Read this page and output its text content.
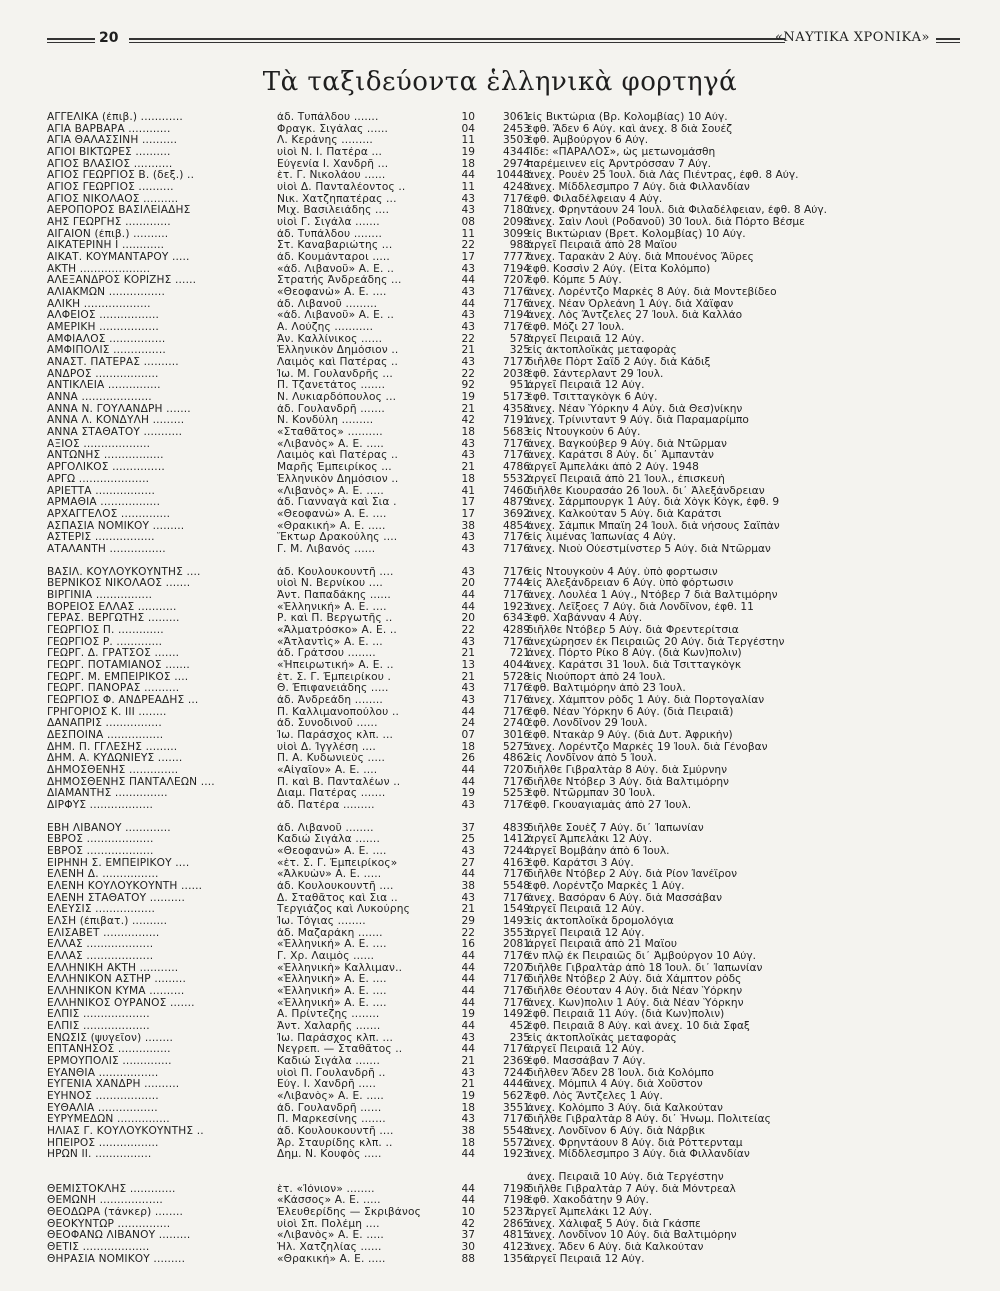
20	«ΝΑΥΤΙΚΑ ΧΡΟΝΙΚΑ»
Τὰ ταξιδεύοντα ἑλληνικὰ φορτηγά
ΑΓΓΕΛΙΚΑ (ἐπιβ.) ............	ἀδ. Τυπάλδου .......	10	3061
εἰς Βικτώρια (Βρ. Κολομβίας) 10 Αὐγ.
ΑΓΙΑ ΒΑΡΒΑΡΑ ............	Φραγκ. Σιγάλας ......	04	2453
ἐφθ. Ἄδεν 6 Αὐγ. καὶ ἀνεχ. 8 διὰ Σουέζ
ΑΓΙΑ ΘΑΛΑΣΣΙΝΗ ..........	Λ. Κεράνης .........	11	3503
ἐφθ. Ἀμβούργον 6 Αὐγ.
ΑΓΙΟΙ ΒΙΚΤΩΡΕΣ ..........	υἱοὶ Ν. Ι. Πατέρα ...	19	4344
Ἴδε: «ΠΑΡΑΛΟΣ», ὡς μετωνομάσθη
ΑΓΙΟΣ ΒΛΑΣΙΟΣ ...........	Εὐγενία Ι. Χανδρῆ ...	18	2974
παρέμεινεν εἰς Ἀρντρόσσαν 7 Αὐγ.
ΑΓΙΟΣ ΓΕΩΡΓΙΟΣ Β. (δεξ.) ..	ἑτ. Γ. Νικολάου ......	44	10448
ἀνεχ. Ρουὲν 25 Ἰουλ. διὰ Λὰς Πιέντρας, ἐφθ. 8 Αὐγ.
ΑΓΙΟΣ ΓΕΩΡΓΙΟΣ ..........	υἱοὶ Δ. Πανταλέοντος ..	11	4248
ἀνεχ. Μίδδλεσμπρο 7 Αὐγ. διὰ Φιλλανδίαν
ΑΓΙΟΣ ΝΙΚΟΛΑΟΣ ..........	Νικ. Χατζηπατέρας ...	43	7176
ἐφθ. Φιλαδέλφειαν 4 Αὐγ.
ΑΕΡΟΠΟΡΟΣ ΒΑΣΙΛΕΙΑΔΗΣ	Μιχ. Βασιλειάδης ....	43	7180
ἀνεχ. Φρηντάουν 24 Ἰουλ. διὰ Φιλαδέλφειαν, ἐφθ. 8 Αὐγ.
ΑΗΣ ΓΕΩΡΓΗΣ .............	υἱοὶ Γ. Σιγάλα .......	08	2098
ἀνεχ. Σαὶν Λουὶ (Ροδανοῦ) 30 Ἰουλ. διὰ Πόρτο Βέσμε
ΑΙΓΑΙΟΝ (ἐπιβ.) ..........	ἀδ. Τυπάλδου ........	11	3099
εἰς Βικτώριαν (Βρετ. Κολομβίας) 10 Αὐγ.
ΑΙΚΑΤΕΡΙΝΗ Ι ............	Στ. Καναβαριώτης ...	22	988
ἀργεῖ Πειραιᾶ ἀπὸ 28 Μαΐου
ΑΙΚΑΤ. ΚΟΥΜΑΝΤΑΡΟΥ .....	ἀδ. Κουμάνταροι .....	17	7777
ἀνεχ. Ταρακὰν 2 Αὐγ. διὰ Μπουένος Ἄϋρες
ΑΚΤΗ ....................	«ἀδ. Λιβανοῦ» Α. Ε. ..	43	7194
ἐφθ. Κοσσὶν 2 Αὐγ. (Εἶτα Κολόμπο)
ΑΛΕΞΑΝΔΡΟΣ ΚΟΡΙΖΗΣ ......	Στρατής Ἀνδρεάδης ...	44	7207
ἐφθ. Κόμπε 5 Αὐγ.
ΑΛΙΑΚΜΩΝ ................	«Θεοφανὼ» Α. Ε. ....	43	7176
ἀνεχ. Λορέντζο Μαρκὲς 8 Αὐγ. διὰ Μοντεβίδεο
ΑΛΙΚΗ ...................	ἀδ. Λιβανοῦ .........	44	7176
ἀνεχ. Νέαν Ὀρλεάνη 1 Αὐγ. διὰ Χάϊφαν
ΑΛΦΕΙΟΣ .................	«ἀδ. Λιβανοῦ» Α. Ε. ..	43	7194
ἀνεχ. Λὸς Ἄντζελες 27 Ἰουλ. διὰ Καλλάο
ΑΜΕΡΙΚΗ .................	Α. Λούζης ...........	43	7176
ἐφθ. Μόζι 27 Ἰουλ.
ΑΜΦΙΑΛΟΣ ................	Ἀν. Καλλίνικος ......	22	578
ἀργεῖ Πειραιᾶ 12 Αὐγ.
ΑΜΦΙΠΟΛΙΣ ...............	Ἑλληνικὸν Δημόσιον ..	21	325
εἰς ἀκτοπλοϊκὰς μεταφορὰς
ΑΝΑΣΤ. ΠΑΤΕΡΑΣ ..........	Λαιμὸς καὶ Πατέρας ..	43	7177
διῆλθε Πὸρτ Σαΐδ 2 Αὐγ. διὰ Κάδιξ
ΑΝΔΡΟΣ ..................	Ἰω. Μ. Γουλανδρῆς ...	22	2038
ἐφθ. Σάντερλαντ 29 Ἰουλ.
ΑΝΤΙΚΛΕΙΑ ...............	Π. Τζανετάτος .......	92	951
ἀργεῖ Πειραιᾶ 12 Αὐγ.
ΑΝΝΑ ....................	Ν. Λυκιαρδόπουλος ...	19	5173
ἐφθ. Τσιτταγκὸγκ 6 Αὐγ.
ΑΝΝΑ Ν. ΓΟΥΛΑΝΔΡΗ .......	ἀδ. Γουλανδρῆ .......	21	4358
ἀνεχ. Νέαν Ὑόρκην 4 Αὐγ. διὰ Θεσ)νίκην
ΑΝΝΑ Λ. ΚΟΝΔΥΛΗ .........	Ν. Κονδύλη .........	42	7191
ἀνεχ. Τρίνινταντ 9 Αὐγ. διὰ Παραμαρίμπο
ΑΝΝΑ ΣΤΑΘΑΤΟΥ ...........	«Σταθᾶτος» ..........	18	5683
εἰς Ντουγκοὺν 6 Αὐγ.
ΑΞΙΟΣ ...................	«Λιβανὸς» Α. Ε. .....	43	7176
ἀνεχ. Βαγκούβερ 9 Αὐγ. διὰ Ντῶρμαν
ΑΝΤΩΝΗΣ .................	Λαιμὸς καὶ Πατέρας ..	43	7176
ἀνεχ. Καράτσι 8 Αὐγ. δι᾽ Ἀμπαντὰν
ΑΡΓΟΛΙΚΟΣ ...............	Μαρῆς Ἐμπειρίκος ...	21	4786
ἀργεῖ Ἀμπελάκι ἀπὸ 2 Αὐγ. 1948
ΑΡΓΩ ....................	Ἑλληνικὸν Δημόσιον ..	18	5532
ἀργεῖ Πειραιᾶ ἀπὸ 21 Ἰουλ., ἐπισκευὴ
ΑΡΙΕΤΤΑ .................	«Λιβανὸς» Α. Ε. .....	41	7460
διῆλθε Κιουρασάο 26 Ἰουλ. δι᾽ Ἀλεξάνδρειαν
ΑΡΜΑΘΙΑ .................	ἀδ. Γιανναγὰ καὶ Σια .	17	4879
ἀνεχ. Σάρμπουργκ 1 Αὐγ. διὰ Χὸγκ Κὸγκ, ἐφθ. 9
ΑΡΧΑΓΓΕΛΟΣ ..............	«Θεοφανὼ» Α. Ε. ....	17	3692
ἀνεχ. Καλκούταν 5 Αὐγ. διὰ Καράτσι
ΑΣΠΑΣΙΑ ΝΟΜΙΚΟΥ .........	«Θρακική» Α. Ε. .....	38	4854
ἀνεχ. Σάμπικ Μπαΐη 24 Ἰουλ. διὰ νήσους Σαϊπὰν
ΑΣΤΕΡΙΣ .................	Ἕκτωρ Δρακούλης ....	43	7176
εἰς λιμένας Ἰαπωνίας 4 Αὐγ.
ΑΤΑΛΑΝΤΗ ................	Γ. Μ. Λιβανός ......	43	7176
ἀνεχ. Νιοὺ Οὐεστμίνστερ 5 Αὐγ. διὰ Ντῶρμαν
ΒΑΣΙΛ. ΚΟΥΛΟΥΚΟΥΝΤΗΣ ....	ἀδ. Κουλουκουντῆ ....	43	7176
εἰς Ντουγκοὺν 4 Αὐγ. ὑπὸ φορτωσιν
ΒΕΡΝΙΚΟΣ ΝΙΚΟΛΑΟΣ .......	υἱοὶ Ν. Βερνίκου ....	20	7744
εἰς Ἀλεξάνδρειαν 6 Αὐγ. ὑπὸ φόρτωσιν
ΒΙΡΓΙΝΙΑ ................	Ἀντ. Παπαδάκης ......	44	7176
ἀνεχ. Λουλέα 1 Αὐγ., Ντόβερ 7 διὰ Βαλτιμόρην
ΒΟΡΕΙΟΣ ΕΛΛΑΣ ...........	«Ἑλληνική» Α. Ε. ....	44	1923
ἀνεχ. Λεῖξοες 7 Αὐγ. διὰ Λονδῖνον, ἐφθ. 11
ΓΕΡΑΣ. ΒΕΡΓΩΤΗΣ .........	Ρ. καὶ Π. Βεργωτῆς ..	20	6343
ἐφθ. Χαβάνναν 4 Αὐγ.
ΓΕΩΡΓΙΟΣ Π. .............	«Ἀλματρόσκο» Α. Ε. ..	22	4289
διῆλθε Ντόβερ 5 Αὐγ. διὰ Φρεντερίτσια
ΓΕΩΡΓΙΟΣ Ρ. .............	«Ἀτλαντὶς» Α. Ε. ...	43	7176
ἀνεχώρησεν ἐκ Πειραιῶς 20 Αὐγ. διὰ Τεργέστην
ΓΕΩΡΓ. Δ. ΓΡΑΤΣΟΣ .......	ἀδ. Γράτσου ........	21	721
ἀνεχ. Πόρτο Ρίκο 8 Αὐγ. (διὰ Κων)πολιν)
ΓΕΩΡΓ. ΠΟΤΑΜΙΑΝΟΣ .......	«Ἡπειρωτική» Α. Ε. ..	13	4044
ἀνεχ. Καράτσι 31 Ἰουλ. διὰ Τσιτταγκὸγκ
ΓΕΩΡΓ. Μ. ΕΜΠΕΙΡΙΚΟΣ ....	ἑτ. Σ. Γ. Ἐμπειρίκου .	21	5728
εἰς Νιούπορτ ἀπὸ 24 Ἰουλ.
ΓΕΩΡΓ. ΠΑΝΟΡΑΣ ..........	Θ. Ἐπιφανειάδης .....	43	7176
ἐφθ. Βαλτιμόρην ἀπὸ 23 Ἰουλ.
ΓΕΩΡΓΙΟΣ Φ. ΑΝΔΡΕΑΔΗΣ ...	ἀδ. Ἀνδρεάδη ........	43	7176
ἀνεχ. Χάμπτον ρὸδς 1 Αὐγ. διὰ Πορτογαλίαν
ΓΡΗΓΟΡΙΟΣ Κ. ΙΙΙ ........	Π. Καλλιμανοπούλου ..	44	7176
ἐφθ. Νέαν Ὑόρκην 6 Αὐγ. (διὰ Πειραιᾶ)
ΔΑΝΑΠΡΙΣ ................	ἀδ. Συνοδινοῦ ......	24	2740
ἐφθ. Λονδῖνον 29 Ἰουλ.
ΔΕΣΠΟΙΝΑ ................	Ἰω. Παράσχος κλπ. ...	07	3016
ἐφθ. Ντακὰρ 9 Αὐγ. (διὰ Δυτ. Ἀφρικὴν)
ΔΗΜ. Π. ΓΓΛΕΣΗΣ .........	υἱοὶ Δ. Ἰγγλέση ....	18	5275
ἀνεχ. Λορέντζο Μαρκὲς 19 Ἰουλ. διὰ Γένοβαν
ΔΗΜ. Α. ΚΥΔΩΝΙΕΥΣ .......	Π. Α. Κυδωνιεὺς .....	26	4862
εἰς Λονδῖνον ἀπὸ 5 Ἰουλ.
ΔΗΜΟΣΘΕΝΗΣ ..............	«Αἰγαῖον» Α. Ε. ....	44	7207
διῆλθε Γιβραλτὰρ 8 Αὐγ. διὰ Σμύρνην
ΔΗΜΟΣΘΕΝΗΣ ΠΑΝΤΑΛΕΩΝ ....	Π. καὶ Β. Πανταλέων ..	44	7176
διῆλθε Ντόβερ 3 Αὐγ. διὰ Βαλτιμόρην
ΔΙΑΜΑΝΤΗΣ ...............	Διαμ. Πατέρας .......	19	5253
ἐφθ. Ντῶρμπαν 30 Ἰουλ.
ΔΙΡΦΥΣ ..................	ἀδ. Πατέρα .........	43	7176
ἐφθ. Γκουαγιαμὰς ἀπὸ 27 Ἰουλ.
ΕΒΗ ΛΙΒΑΝΟΥ .............	ἀδ. Λιβανοῦ ........	37	4839
διῆλθε Σουὲζ 7 Αὐγ. δι᾽ Ἰαπωνίαν
ΕΒΡΟΣ ...................	Καδιώ Σιγάλα .......	25	1412
ἀργεῖ Ἀμπελάκι 12 Αὐγ.
ΕΒΡΟΣ ...................	«Θεοφανὼ» Α. Ε. ....	43	7244
ἀργεῖ Βομβάην ἀπὸ 6 Ἰουλ.
ΕΙΡΗΝΗ Σ. ΕΜΠΕΙΡΙΚΟΥ ....	«ἑτ. Σ. Γ. Ἐμπειρίκος»	27	4163
ἐφθ. Καράτσι 3 Αὐγ.
ΕΛΕΝΗ Δ. ................	«Ἀλκυὼν» Α. Ε. .....	44	7176
διῆλθε Ντόβερ 2 Αὐγ. διὰ Ρίον Ἰανέϊρον
ΕΛΕΝΗ ΚΟΥΛΟΥΚΟΥΝΤΗ ......	ἀδ. Κουλουκουντῆ ....	38	5548
ἐφθ. Λορέντζο Μαρκὲς 1 Αὐγ.
ΕΛΕΝΗ ΣΤΑΘΑΤΟΥ ..........	Δ. Σταθᾶτος καὶ Σια ..	43	7176
ἀνεχ. Βασόραν 6 Αὐγ. διὰ Μασσάβαν
ΕΛΕΥΣΙΣ .................	Τεργιάζος καὶ Λυκούρης	21	1549
ἀργεῖ Πειραιᾶ 12 Αὐγ.
ΕΛΣΗ (ἐπιβατ.) ..........	Ἰω. Τόγιας ........	29	1493
εἰς ἀκτοπλοϊκὰ δρομολόγια
ΕΛΙΣΑΒΕΤ ................	ἀδ. Μαζαράκη .......	22	3553
ἀργεῖ Πειραιᾶ 12 Αὐγ.
ΕΛΛΑΣ ...................	«Ἑλληνική» Α. Ε. ....	16	2081
ἀργεῖ Πειραιᾶ ἀπὸ 21 Μαΐου
ΕΛΛΑΣ ...................	Γ. Χρ. Λαιμὸς ......	44	7176
ἐν πλῷ ἐκ Πειραιῶς δι᾽ Ἀμβούργον 10 Αὐγ.
ΕΛΛΗΝΙΚΗ ΑΚΤΗ ...........	«Ἑλληνικὴ» Καλλιμαν..	44	7207
διῆλθε Γιβραλτὰρ ἀπὸ 18 Ἰουλ. δι᾽ Ἰαπωνίαν
ΕΛΛΗΝΙΚΟΝ ΑΣΤΗΡ .........	«Ἑλληνική» Α. Ε. ....	44	7176
διῆλθε Ντόβερ 2 Αὐγ. διὰ Χάμπτον ρὸδς
ΕΛΛΗΝΙΚΟΝ ΚΥΜΑ ..........	«Ἑλληνική» Α. Ε. ....	44	7176
διῆλθε Θέουταν 4 Αὐγ. διὰ Νέαν Ὑόρκην
ΕΛΛΗΝΙΚΟΣ ΟΥΡΑΝΟΣ .......	«Ἑλληνική» Α. Ε. ....	44	7176
ἀνεχ. Κων)πολιν 1 Αὐγ. διὰ Νέαν Ὑόρκην
ΕΛΠΙΣ ...................	Α. Πρίντεζης ........	19	1492
ἐφθ. Πειραιᾶ 11 Αὐγ. (διὰ Κων)πολιν)
ΕΛΠΙΣ ...................	Ἀντ. Χαλαρῆς .......	44	452
ἐφθ. Πειραιᾶ 8 Αὐγ. καὶ ἀνεχ. 10 διὰ Σφαξ
ΕΝΩΣΙΣ (ψυγεῖον) ........	Ἰω. Παράσχος κλπ. ...	43	235
εἰς ἀκτοπλοϊκὰς μεταφορὰς
ΕΠΤΑΝΗΣΟΣ ...............	Νεγρεπ. — Σταθᾶτος ..	44	7176
ἀργεῖ Πειραιᾶ 12 Αὐγ.
ΕΡΜΟΥΠΟΛΙΣ ..............	Καδιώ Σιγάλα .......	21	2369
ἐφθ. Μασσάβαν 7 Αὐγ.
ΕΥΑΝΘΙΑ .................	υἱοὶ Π. Γουλανδρῆ ..	43	7244
διῆλθεν Ἄδεν 28 Ἰουλ. διὰ Κολόμπο
ΕΥΓΕΝΙΑ ΧΑΝΔΡΗ ..........	Εὐγ. Ι. Χανδρῆ .....	21	4446
ἀνεχ. Μόμπιλ 4 Αὐγ. διὰ Χοῦστον
ΕΥΗΝΟΣ ..................	«Λιβανὸς» Α. Ε. .....	19	5627
ἐφθ. Λὸς Ἄντζελες 1 Αὐγ.
ΕΥΘΑΛΙΑ .................	ἀδ. Γουλανδρῆ ......	18	3551
ἀνεχ. Κολόμπο 3 Αὐγ. διὰ Καλκούταν
ΕΥΡΥΜΕΔΩΝ ...............	Π. Μαρκεσίνης .......	43	7176
διῆλθε Γιβραλτὰρ 8 Αὐγ. δι᾽ Ἡνωμ. Πολιτείας
ΗΛΙΑΣ Γ. ΚΟΥΛΟΥΚΟΥΝΤΗΣ ..	ἀδ. Κουλουκουντῆ ....	38	5548
ἀνεχ. Λονδῖνον 6 Αὐγ. διὰ Νάρβικ
ΗΠΕΙΡΟΣ .................	Ἀρ. Σταυρίδης κλπ. ..	18	5572
ἀνεχ. Φρηντάουν 8 Αὐγ. διὰ Ρόττερνταμ
ΗΡΩΝ ΙΙ. ................	Δημ. Ν. Κουφὸς .....	44	1923
ἀνεχ. Μίδδλεσμπρο 3 Αὐγ. διὰ Φιλλανδίαν
ἀνεχ. Πειραιᾶ 10 Αὐγ. διὰ Τεργέστην
ΘΕΜΙΣΤΟΚΛΗΣ .............	ἑτ. «Ἰόνιον» ........	44	7198
διῆλθε Γιβραλτὰρ 7 Αὐγ. διὰ Μόντρεαλ
ΘΕΜΩΝΗ ..................	«Κάσσος» Α. Ε. .....	44	7198
ἐφθ. Χακοδάτην 9 Αὐγ.
ΘΕΟΔΩΡΑ (τάνκερ) ........	Ἐλευθερίδης — Σκριβάνος	10	5237
ἀργεῖ Ἀμπελάκι 12 Αὐγ.
ΘΕΟΚΥΝΤΩΡ ...............	υἱοὶ Σπ. Πολέμη ....	42	2865
ἀνεχ. Χάλιφαξ 5 Αὐγ. διὰ Γκάσπε
ΘΕΟΦΑΝΩ ΛΙΒΑΝΟΥ .........	«Λιβανὸς» Α. Ε. .....	37	4815
ἀνεχ. Λονδῖνον 10 Αὐγ. διὰ Βαλτιμόρην
ΘΕΤΙΣ ...................	Ἡλ. Χατζηλίας ......	30	4123
ἀνεχ. Ἄδεν 6 Αὐγ. διὰ Καλκούταν
ΘΗΡΑΣΙΑ ΝΟΜΙΚΟΥ .........	«Θρακική» Α. Ε. .....	88	1356
ἀργεῖ Πειραιᾶ 12 Αὐγ.
